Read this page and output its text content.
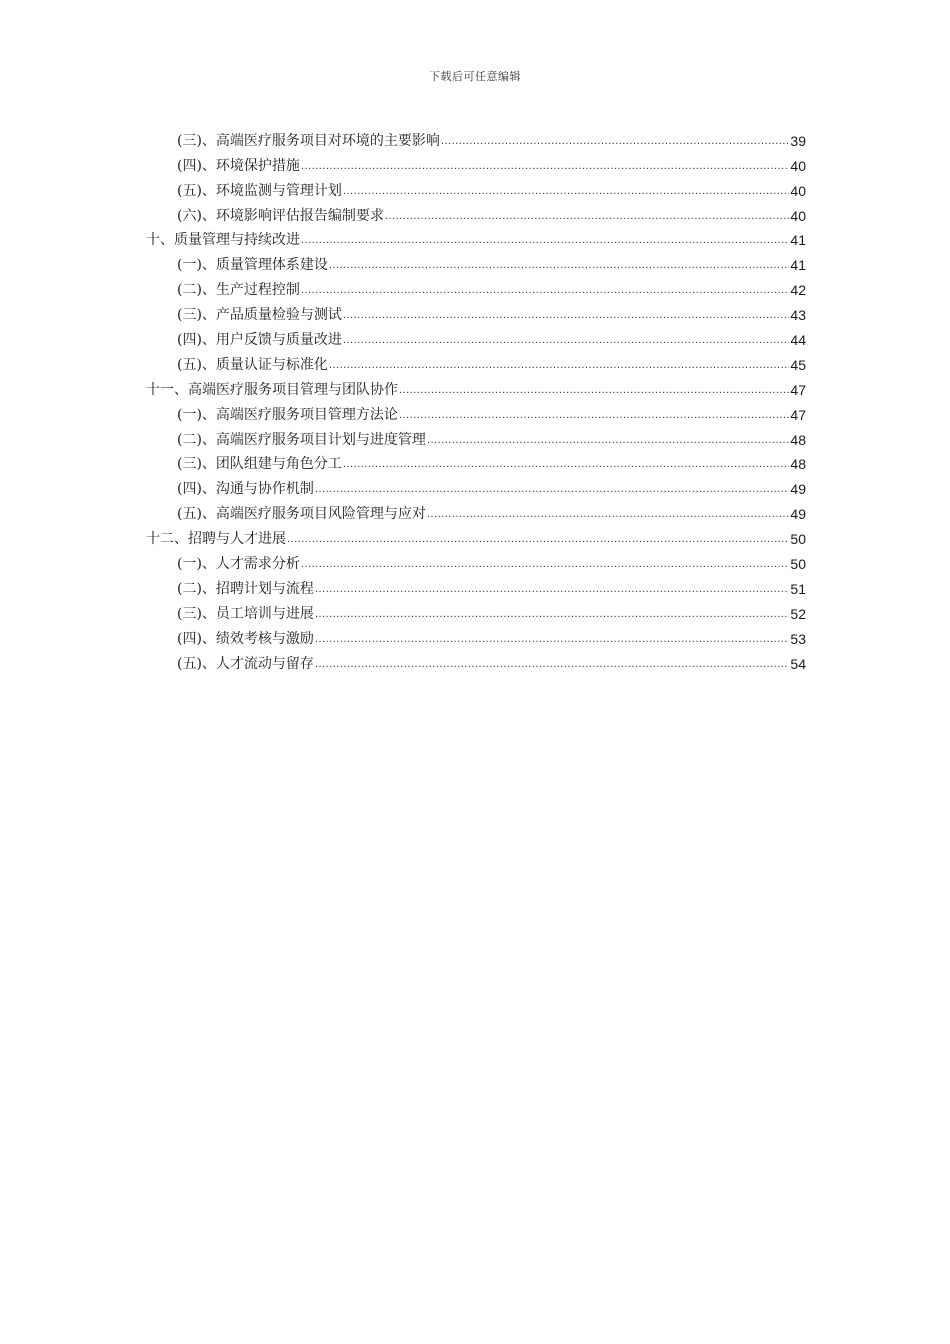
下载后可任意编辑
(三)、高端医疗服务项目对环境的主要影响 .....	39
(四)、环境保护措施 .....	40
(五)、环境监测与管理计划 .....	40
(六)、环境影响评估报告编制要求 .....	40
十、质量管理与持续改进 .....	41
(一)、质量管理体系建设 .....	41
(二)、生产过程控制 .....	42
(三)、产品质量检验与测试 .....	43
(四)、用户反馈与质量改进 .....	44
(五)、质量认证与标准化 .....	45
十一、高端医疗服务项目管理与团队协作 .....	47
(一)、高端医疗服务项目管理方法论 .....	47
(二)、高端医疗服务项目计划与进度管理 .....	48
(三)、团队组建与角色分工 .....	48
(四)、沟通与协作机制 .....	49
(五)、高端医疗服务项目风险管理与应对 .....	49
十二、招聘与人才进展 .....	50
(一)、人才需求分析 .....	50
(二)、招聘计划与流程 .....	51
(三)、员工培训与进展 .....	52
(四)、绩效考核与激励 .....	53
(五)、人才流动与留存 .....	54
